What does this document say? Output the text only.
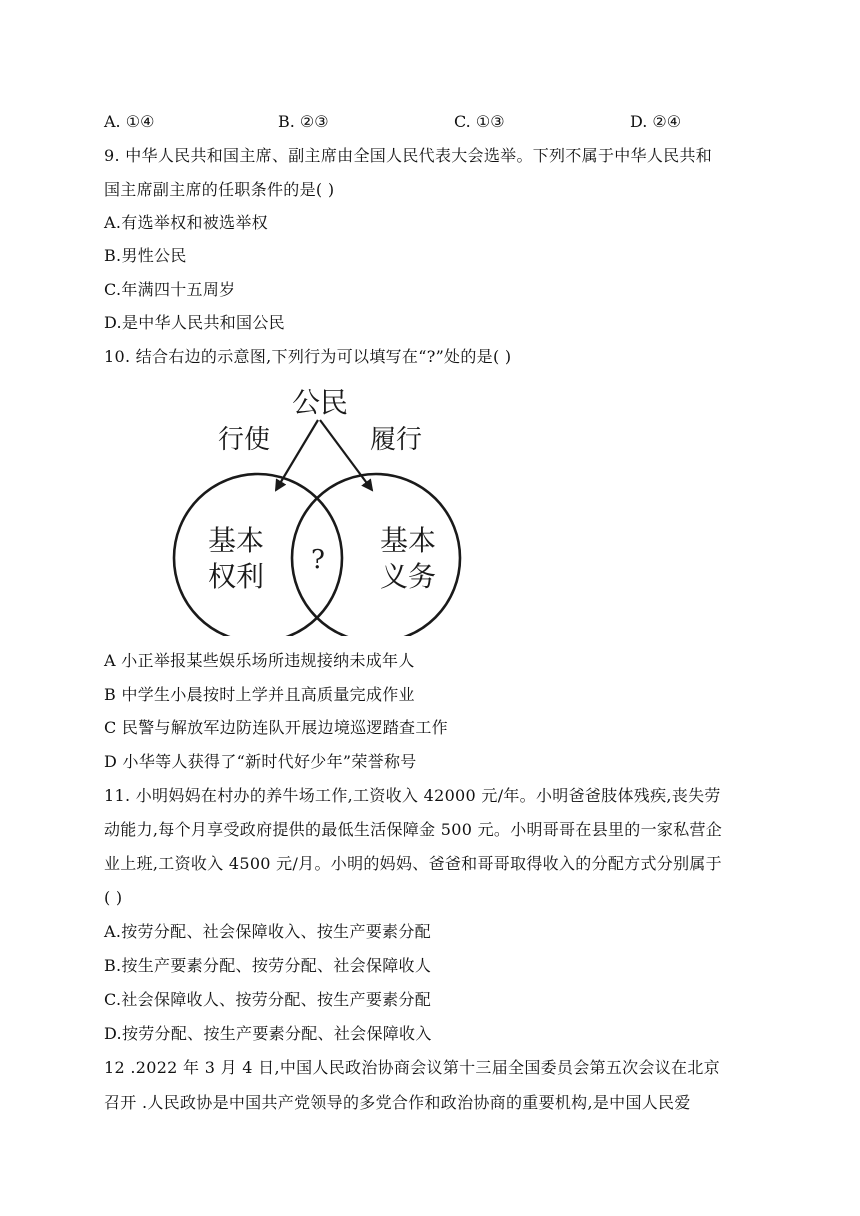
A. ①④	B. ②③	C. ①③	D. ②④
9. 中华人民共和国主席、副主席由全国人民代表大会选举。下列不属于中华人民共和
国主席副主席的任职条件的是( )
A.有选举权和被选举权
B.男性公民
C.年满四十五周岁
D.是中华人民共和国公民
10. 结合右边的示意图,下列行为可以填写在“?”处的是( )
公民
行使	履行
基本
权利
基本
义务
?
A 小正举报某些娱乐场所违规接纳未成年人
B 中学生小晨按时上学并且高质量完成作业
C 民警与解放军边防连队开展边境巡逻踏查工作
D 小华等人获得了“新时代好少年”荣誉称号
11. 小明妈妈在村办的养牛场工作,工资收入 42000 元/年。小明爸爸肢体残疾,丧失劳
动能力,每个月享受政府提供的最低生活保障金 500 元。小明哥哥在县里的一家私营企
业上班,工资收入 4500 元/月。小明的妈妈、爸爸和哥哥取得收入的分配方式分别属于
( )
A.按劳分配、社会保障收入、按生产要素分配
B.按生产要素分配、按劳分配、社会保障收人
C.社会保障收人、按劳分配、按生产要素分配
D.按劳分配、按生产要素分配、社会保障收入
12 .2022 年 3 月 4 日,中国人民政治协商会议第十三届全国委员会第五次会议在北京
召开 .人民政协是中国共产党领导的多党合作和政治协商的重要机构,是中国人民爱
